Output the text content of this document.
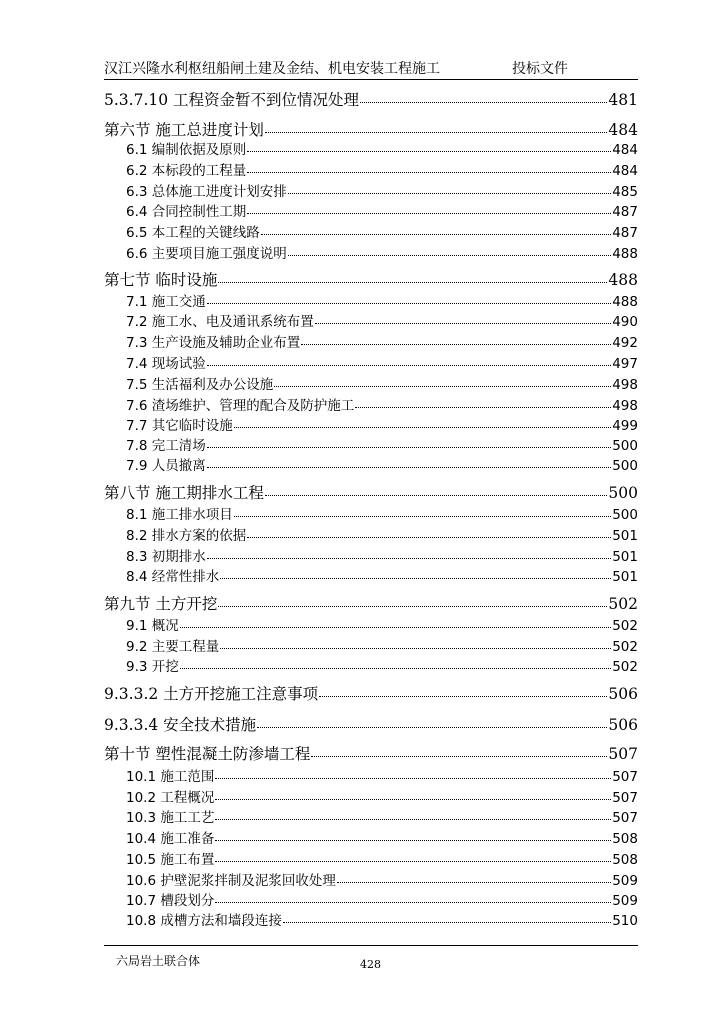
汉江兴隆水利枢纽船闸土建及金结、机电安装工程施工	投标文件
5.3.7.10 工程资金暂不到位情况处理	481
第六节 施工总进度计划	484
6.1 编制依据及原则	484
6.2 本标段的工程量	484
6.3 总体施工进度计划安排	485
6.4 合同控制性工期	487
6.5 本工程的关键线路	487
6.6 主要项目施工强度说明	488
第七节 临时设施	488
7.1 施工交通	488
7.2 施工水、电及通讯系统布置	490
7.3 生产设施及辅助企业布置	492
7.4 现场试验	497
7.5 生活福利及办公设施	498
7.6 渣场维护、管理的配合及防护施工	498
7.7 其它临时设施	499
7.8 完工清场	500
7.9 人员撤离	500
第八节 施工期排水工程	500
8.1 施工排水项目	500
8.2 排水方案的依据	501
8.3 初期排水	501
8.4 经常性排水	501
第九节 土方开挖	502
9.1 概况	502
9.2 主要工程量	502
9.3 开挖	502
9.3.3.2 土方开挖施工注意事项	506
9.3.3.4 安全技术措施	506
第十节 塑性混凝土防渗墙工程	507
10.1 施工范围	507
10.2 工程概况	507
10.3 施工工艺	507
10.4 施工准备	508
10.5 施工布置	508
10.6 护壁泥浆拌制及泥浆回收处理	509
10.7 槽段划分	509
10.8 成槽方法和墙段连接	510
六局岩土联合体	428
